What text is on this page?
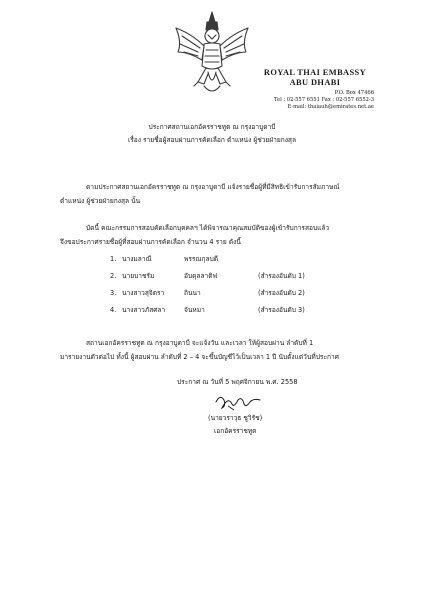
ROYAL THAI EMBASSY
ABU DHABI
P.O. Box 47466
Tel : 02-557 6551 Fax : 02-557 6552-3
E-mail: thaiauh@emirates.net.ae
ประกาศสถานเอกอัครราชทูต ณ กรุงอาบูดาบี
เรื่อง รายชื่อผู้สอบผ่านการคัดเลือก ตำแหน่ง ผู้ช่วยฝ่ายกงสุล
ตามประกาศสถานเอกอัครราชทูต ณ กรุงอาบูดาบี แจ้งรายชื่อผู้ที่มีสิทธิเข้ารับการสัมภาษณ์
ตำแหน่ง ผู้ช่วยฝ่ายกงสุล นั้น
บัดนี้ คณะกรรมการสอบคัดเลือกบุคคลฯ ได้พิจารณาคุณสมบัติของผู้เข้ารับการสอบแล้ว
จึงขอประกาศรายชื่อผู้ที่สอบผ่านการคัดเลือก จำนวน 4 ราย ดังนี้
1. นางมลาณี	พรรณกุลบดี
2. นายบาชรัม	อับดุลลาติฟ	(สำรองอันดับ 1)
3. นางสาวสุจิตรา	ถินนา	(สำรองอันดับ 2)
4. นางสาวภัสศลา	จันหมา	(สำรองอันดับ 3)
สถานเอกอัครราชทูต ณ กรุงอาบูดาบี จะแจ้งวัน และเวลา ให้ผู้สอบผ่าน ลำดับที่ 1
มารายงานตัวต่อไป ทั้งนี้ ผู้สอบผ่าน ลำดับที่ 2 – 4 จะขึ้นบัญชีไว้เป็นเวลา 1 ปี นับตั้งแต่วันที่ประกาศ
ประกาศ ณ วันที่ 5 พฤศจิกายน พ.ศ. 2558
(นายวราวุธ ชูวิรัช)
เอกอัครราชทูต
